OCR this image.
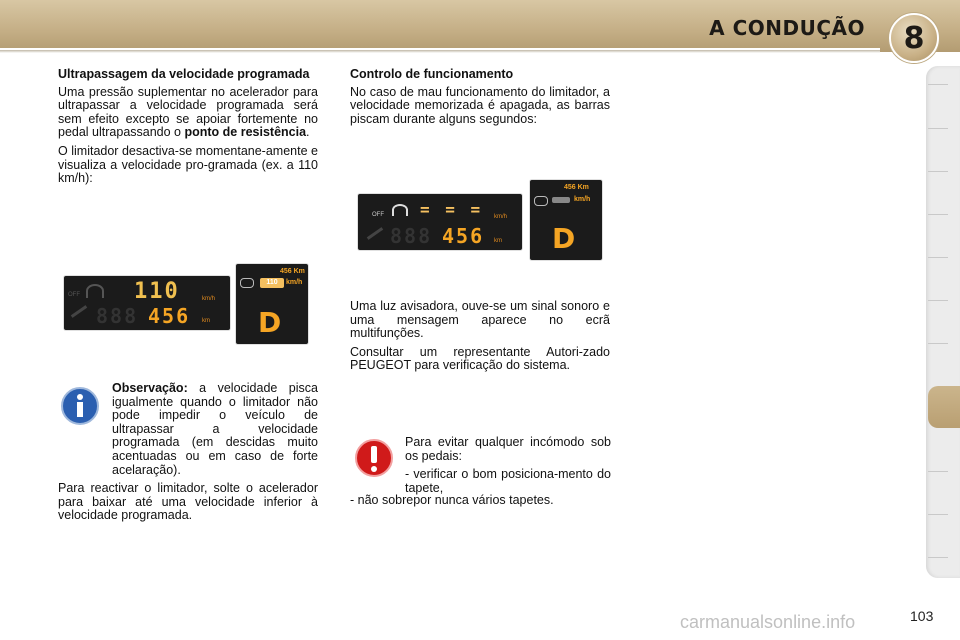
A CONDUÇÃO 8
Ultrapassagem da velocidade programada

Uma pressão suplementar no acelerador para ultrapassar a velocidade programada será sem efeito excepto se apoiar fortemente no pedal ultrapassando o ponto de resistência.

O limitador desactiva-se momentane-amente e visualiza a velocidade pro-gramada (ex. a 110 km/h):

OFF 110	km/h
888 456 km
456 Km
110	km/h
D

Observação: a velocidade pisca igualmente quando o limitador não pode impedir o veículo de ultrapassar a velocidade programada (em descidas muito acentuadas ou em caso de forte acelaração).

Para reactivar o limitador, solte o acelerador para baixar até uma velocidade inferior à velocidade programada.

Controlo de funcionamento

No caso de mau funcionamento do limitador, a velocidade memorizada é apagada, as barras piscam durante alguns segundos:

OFF = = = km/h
888 456 km
456 Km
km/h
D

Uma luz avisadora, ouve-se um sinal sonoro e uma mensagem aparece no ecrã multifunções.

Consultar um representante Autori-zado PEUGEOT para verificação do sistema.

Para evitar qualquer incómodo sob os pedais:

- verificar o bom posiciona-mento do tapete,

- não sobrepor nunca vários tapetes.

carmanualsonline.info	103
